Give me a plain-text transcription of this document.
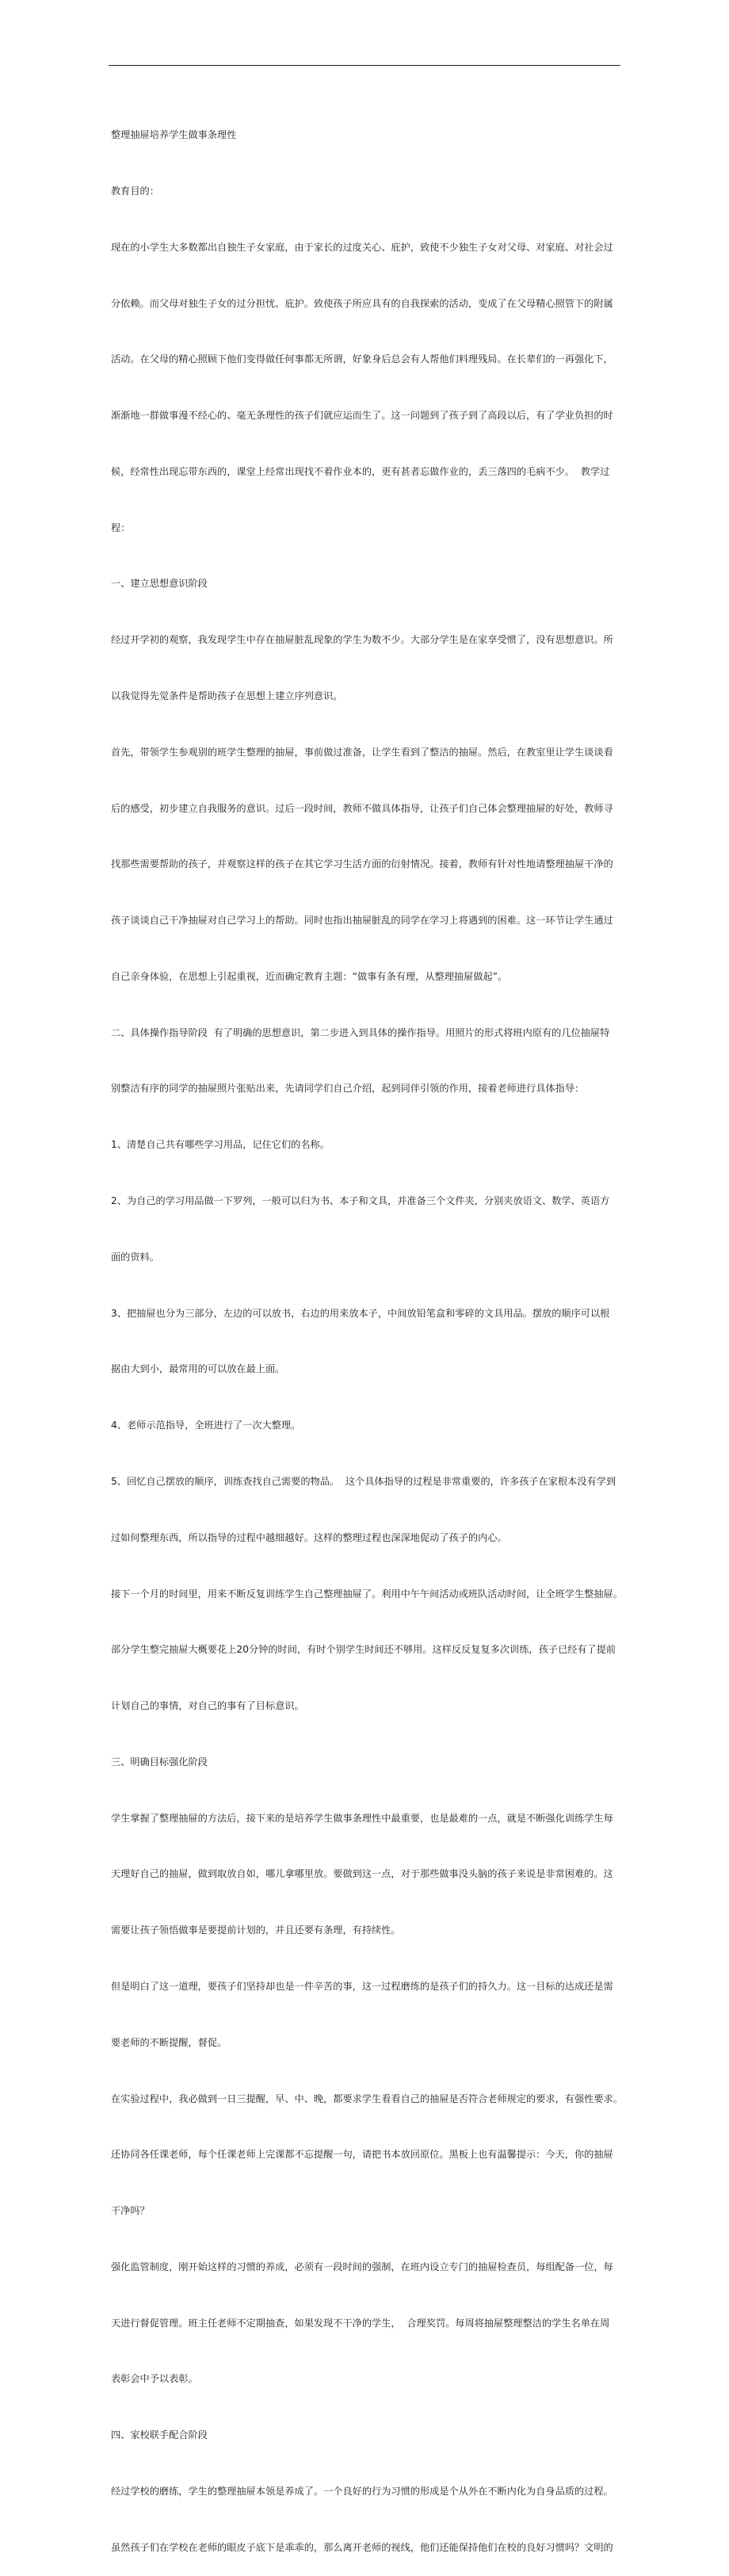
整理抽屉培养学生做事条理性

教育目的：

现在的小学生大多数都出自独生子女家庭，由于家长的过度关心、庇护，致使不少独生子女对父母、对家庭、对社会过

分依赖。而父母对独生子女的过分担忧、庇护。致使孩子所应具有的自我探索的活动，变成了在父母精心照管下的附属

活动。在父母的精心照顾下他们变得做任何事都无所谓，好象身后总会有人帮他们料理残局。在长辈们的一再强化下，

渐渐地一群做事漫不经心的、毫无条理性的孩子们就应运而生了。这一问题到了孩子到了高段以后，有了学业负担的时

候，经常性出现忘带东西的，课堂上经常出现找不着作业本的，更有甚者忘做作业的，丢三落四的毛病不少。  教学过

程：

一、建立思想意识阶段

经过开学初的观察，我发现学生中存在抽屉脏乱现象的学生为数不少。大部分学生是在家享受惯了，没有思想意识。所

以我觉得先觉条件是帮助孩子在思想上建立序列意识。

首先，带领学生参观别的班学生整理的抽屉，事前做过准备，让学生看到了整洁的抽屉。然后，在教室里让学生谈谈看

后的感受，初步建立自我服务的意识。过后一段时间，教师不做具体指导，让孩子们自己体会整理抽屉的好处，教师寻

找那些需要帮助的孩子，并观察这样的孩子在其它学习生活方面的衍射情况。接着，教师有针对性地请整理抽屉干净的

孩子谈谈自己干净抽屉对自己学习上的帮助。同时也指出抽屉脏乱的同学在学习上将遇到的困难。这一环节让学生通过

自己亲身体验，在思想上引起重视，近而确定教育主题：“做事有条有理，从整理抽屉做起”。

二、具体操作指导阶段  有了明确的思想意识，第二步进入到具体的操作指导。用照片的形式将班内原有的几位抽屉特

别整洁有序的同学的抽屉照片张贴出来，先请同学们自己介绍，起到同伴引领的作用，接着老师进行具体指导：

1、清楚自己共有哪些学习用品，记住它们的名称。

2、为自己的学习用品做一下罗列，一般可以归为书、本子和文具，并准备三个文件夹，分别夹放语文、数学、英语方

面的资料。

3、把抽屉也分为三部分，左边的可以放书，右边的用来放本子，中间放铅笔盒和零碎的文具用品。摆放的顺序可以根

据由大到小，最常用的可以放在最上面。

4、老师示范指导，全班进行了一次大整理。

5、回忆自己摆放的顺序，训练查找自己需要的物品。  这个具体指导的过程是非常重要的，许多孩子在家根本没有学到

过如何整理东西，所以指导的过程中越细越好。这样的整理过程也深深地促动了孩子的内心。

接下一个月的时间里，用来不断反复训练学生自己整理抽屉了。利用中午午间活动或班队活动时间，让全班学生整抽屉。

部分学生整完抽屉大概要花上20分钟的时间，有时个别学生时间还不够用。这样反反复复多次训练，孩子已经有了提前

计划自己的事情，对自己的事有了目标意识。

三、明确目标强化阶段

学生掌握了整理抽屉的方法后，接下来的是培养学生做事条理性中最重要，也是最难的一点，就是不断强化训练学生每

天理好自己的抽屉，做到取放自如，哪儿拿哪里放。要做到这一点，对于那些做事没头脑的孩子来说是非常困难的。这

需要让孩子领悟做事是要提前计划的，并且还要有条理，有持续性。

但是明白了这一道理，要孩子们坚持却也是一件辛苦的事，这一过程磨练的是孩子们的持久力。这一目标的达成还是需

要老师的不断提醒，督促。

在实验过程中，我必做到一日三提醒，早、中、晚，都要求学生看看自己的抽屉是否符合老师规定的要求，有强性要求。

还协同各任课老师，每个任课老师上完课都不忘提醒一句，请把书本放回原位。黑板上也有温馨提示：今天，你的抽屉

干净吗？

强化监管制度，刚开始这样的习惯的养成，必须有一段时间的强制，在班内设立专门的抽屉检查员，每组配备一位，每

天进行督促管理。班主任老师不定期抽查，如果发现不干净的学生，  合理奖罚。每周将抽屉整理整洁的学生名单在周

表彰会中予以表彰。

四、家校联手配合阶段

经过学校的磨练，学生的整理抽屉本领是养成了。一个良好的行为习惯的形成是个从外在不断内化为自身品质的过程。

虽然孩子们在学校在老师的眼皮子底下是乖乖的，那么离开老师的视线，他们还能保持他们在校的良好习惯吗？文明的
